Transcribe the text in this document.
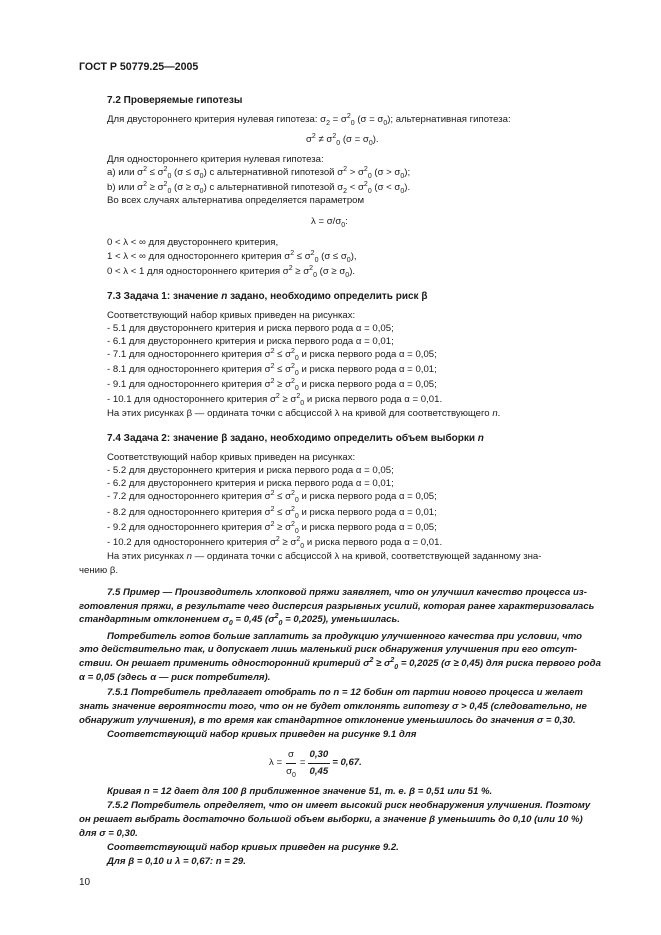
ГОСТ Р 50779.25—2005
7.2 Проверяемые гипотезы
Для двустороннего критерия нулевая гипотеза: $\sigma_2 = \sigma^2_0$ $(\sigma = \sigma_0)$; альтернативная гипотеза:
$\sigma^2 \ne \sigma^2_0$ $(\sigma = \sigma_0)$.
Для одностороннего критерия нулевая гипотеза:
а) или $\sigma^2 \le \sigma^2_0$ $(\sigma \le \sigma_0)$ с альтернативной гипотезой $\sigma^2 > \sigma^2_0$ $(\sigma > \sigma_0)$;
b) или $\sigma^2 \ge \sigma^2_0$ $(\sigma \ge \sigma_0)$ с альтернативной гипотезой $\sigma_2 < \sigma^2_0$ $(\sigma < \sigma_0)$.
Во всех случаях альтернатива определяется параметром
$\lambda = \sigma/\sigma_0$:
0 < λ < ∞ для двустороннего критерия,
1 < λ < ∞ для одностороннего критерия $\sigma^2 \le \sigma^2_0$ $(\sigma \le \sigma_0)$,
0 < λ < 1 для одностороннего критерия $\sigma^2 \ge \sigma^2_0$ $(\sigma \ge \sigma_0)$.
7.3 Задача 1: значение n задано, необходимо определить риск β
Соответствующий набор кривых приведен на рисунках:
- 5.1 для двустороннего критерия и риска первого рода α = 0,05;
- 6.1 для двустороннего критерия и риска первого рода α = 0,01;
- 7.1 для одностороннего критерия $\sigma^2 \le \sigma^2_0$ и риска первого рода α = 0,05;
- 8.1 для одностороннего критерия $\sigma^2 \le \sigma^2_0$ и риска первого рода α = 0,01;
- 9.1 для одностороннего критерия $\sigma^2 \ge \sigma^2_0$ и риска первого рода α = 0,05;
- 10.1 для одностороннего критерия $\sigma^2 \ge \sigma^2_0$ и риска первого рода α = 0,01.
На этих рисунках β — ордината точки с абсциссой λ на кривой для соответствующего n.
7.4 Задача 2: значение β задано, необходимо определить объем выборки n
Соответствующий набор кривых приведен на рисунках:
- 5.2 для двустороннего критерия и риска первого рода α = 0,05;
- 6.2 для двустороннего критерия и риска первого рода α = 0,01;
- 7.2 для одностороннего критерия $\sigma^2 \le \sigma^2_0$ и риска первого рода α = 0,05;
- 8.2 для одностороннего критерия $\sigma^2 \le \sigma^2_0$ и риска первого рода α = 0,01;
- 9.2 для одностороннего критерия $\sigma^2 \ge \sigma^2_0$ и риска первого рода α = 0,05;
- 10.2 для одностороннего критерия $\sigma^2 \ge \sigma^2_0$ и риска первого рода α = 0,01.
На этих рисунках n — ордината точки с абсциссой λ на кривой, соответствующей заданному зна-
чению β.
7.5 Пример — Производитель хлопковой пряжи заявляет, что он улучшил качество процесса из-
готовления пряжи, в результате чего дисперсия разрывных усилий, которая ранее характеризовалась
стандартным отклонением $\sigma_0 = 0,45$ $(\sigma^2_0 = 0,2025)$, уменьшилась.
Потребитель готов больше заплатить за продукцию улучшенного качества при условии, что
это действительно так, и допускает лишь маленький риск обнаружения улучшения при его отсут-
ствии. Он решает применить односторонний критерий $\sigma^2 \ge \sigma^2_0 = 0,2025$ (σ ≥ 0,45) для риска первого рода
α = 0,05 (здесь α — риск потребителя).
7.5.1 Потребитель предлагает отобрать по n = 12 бобин от партии нового процесса и желает
знать значение вероятности того, что он не будет отклонять гипотезу σ > 0,45 (следовательно, не
обнаружит улучшения), в то время как стандартное отклонение уменьшилось до значения σ = 0,30.
Соответствующий набор кривых приведен на рисунке 9.1 для
$\lambda = \frac{\sigma}{\sigma_0} = \frac{0,30}{0,45} = 0,67$.
Кривая n = 12 дает для 100 β приближенное значение 51, т. е. β = 0,51 или 51 %.
7.5.2 Потребитель определяет, что он имеет высокий риск необнаружения улучшения. Поэтому
он решает выбрать достаточно большой объем выборки, а значение β уменьшить до 0,10 (или 10 %)
для σ = 0,30.
Соответствующий набор кривых приведен на рисунке 9.2.
Для β = 0,10 и λ = 0,67: n = 29.
10
